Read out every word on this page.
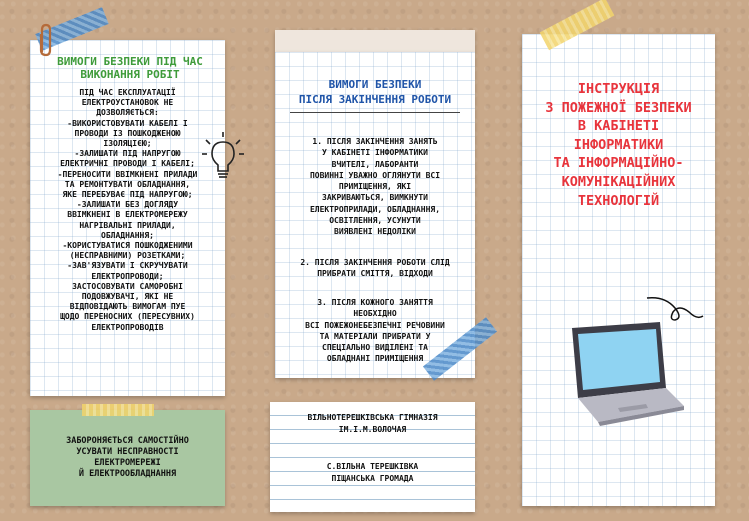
ВИМОГИ БЕЗПЕКИ ПІД ЧАС ВИКОНАННЯ РОБІТ
ПІД ЧАС ЕКСПЛУАТАЦІЇ
ЕЛЕКТРОУСТАНОВОК НЕ
ДОЗВОЛЯЄТЬСЯ:
-ВИКОРИСТОВУВАТИ КАБЕЛІ І
ПРОВОДИ ІЗ ПОШКОДЖЕНОЮ
ІЗОЛЯЦІЄЮ;
-ЗАЛИШАТИ ПІД НАПРУГОЮ
ЕЛЕКТРИЧНІ ПРОВОДИ І КАБЕЛІ;
-ПЕРЕНОСИТИ ВВІМКНЕНІ ПРИЛАДИ
ТА РЕМОНТУВАТИ ОБЛАДНАННЯ,
ЯКЕ ПЕРЕБУВАЄ ПІД НАПРУГОЮ;
-ЗАЛИШАТИ БЕЗ ДОГЛЯДУ
ВВІМКНЕНІ В ЕЛЕКТРОМЕРЕЖУ
НАГРІВАЛЬНІ ПРИЛАДИ,
ОБЛАДНАННЯ;
-КОРИСТУВАТИСЯ ПОШКОДЖЕНИМИ
(НЕСПРАВНИМИ) РОЗЕТКАМИ;
-ЗАВ'ЯЗУВАТИ І СКРУЧУВАТИ
ЕЛЕКТРОПРОВОДИ;
ЗАСТОСОВУВАТИ САМОРОБНІ
ПОДОВЖУВАЧІ, ЯКІ НЕ
ВІДПОВІДАЮТЬ ВИМОГАМ ПУЕ
ЩОДО ПЕРЕНОСНИХ (ПЕРЕСУВНИХ)
ЕЛЕКТРОПРОВОДІВ
ЗАБОРОНЯЄТЬСЯ САМОСТІЙНО
УСУВАТИ НЕСПРАВНОСТІ
ЕЛЕКТРОМЕРЕЖІ
Й ЕЛЕКТРООБЛАДНАННЯ
ВИМОГИ БЕЗПЕКИ
ПІСЛЯ ЗАКІНЧЕННЯ РОБОТИ
1. ПІСЛЯ ЗАКІНЧЕННЯ ЗАНЯТЬ
У КАБІНЕТІ ІНФОРМАТИКИ
ВЧИТЕЛІ, ЛАБОРАНТИ
ПОВИННІ УВАЖНО ОГЛЯНУТИ ВСІ
ПРИМІЩЕННЯ, ЯКІ
ЗАКРИВАЮТЬСЯ, ВИМКНУТИ
ЕЛЕКТРОПРИЛАДИ, ОБЛАДНАННЯ,
ОСВІТЛЕННЯ, УСУНУТИ
ВИЯВЛЕНІ НЕДОЛІКИ
2. ПІСЛЯ ЗАКІНЧЕННЯ РОБОТИ СЛІД
ПРИБРАТИ СМІТТЯ, ВІДХОДИ
3. ПІСЛЯ КОЖНОГО ЗАНЯТТЯ
НЕОБХІДНО
ВСІ ПОЖЕЖОНЕБЕЗПЕЧНІ РЕЧОВИНИ
ТА МАТЕРІАЛИ ПРИБРАТИ У
СПЕЦІАЛЬНО ВИДІЛЕНІ ТА
ОБЛАДНАНІ ПРИМІЩЕННЯ
ВІЛЬНОТЕРЕШКІВСЬКА ГІМНАЗІЯ
ІМ.І.М.ВОЛОЧАЯ
С.ВІЛЬНА ТЕРЕШКІВКА
ПІЩАНСЬКА ГРОМАДА
ІНСТРУКЦІЯ
З ПОЖЕЖНОЇ БЕЗПЕКИ
В КАБІНЕТІ
ІНФОРМАТИКИ
ТА ІНФОРМАЦІЙНО-
КОМУНІКАЦІЙНИХ
ТЕХНОЛОГІЙ
